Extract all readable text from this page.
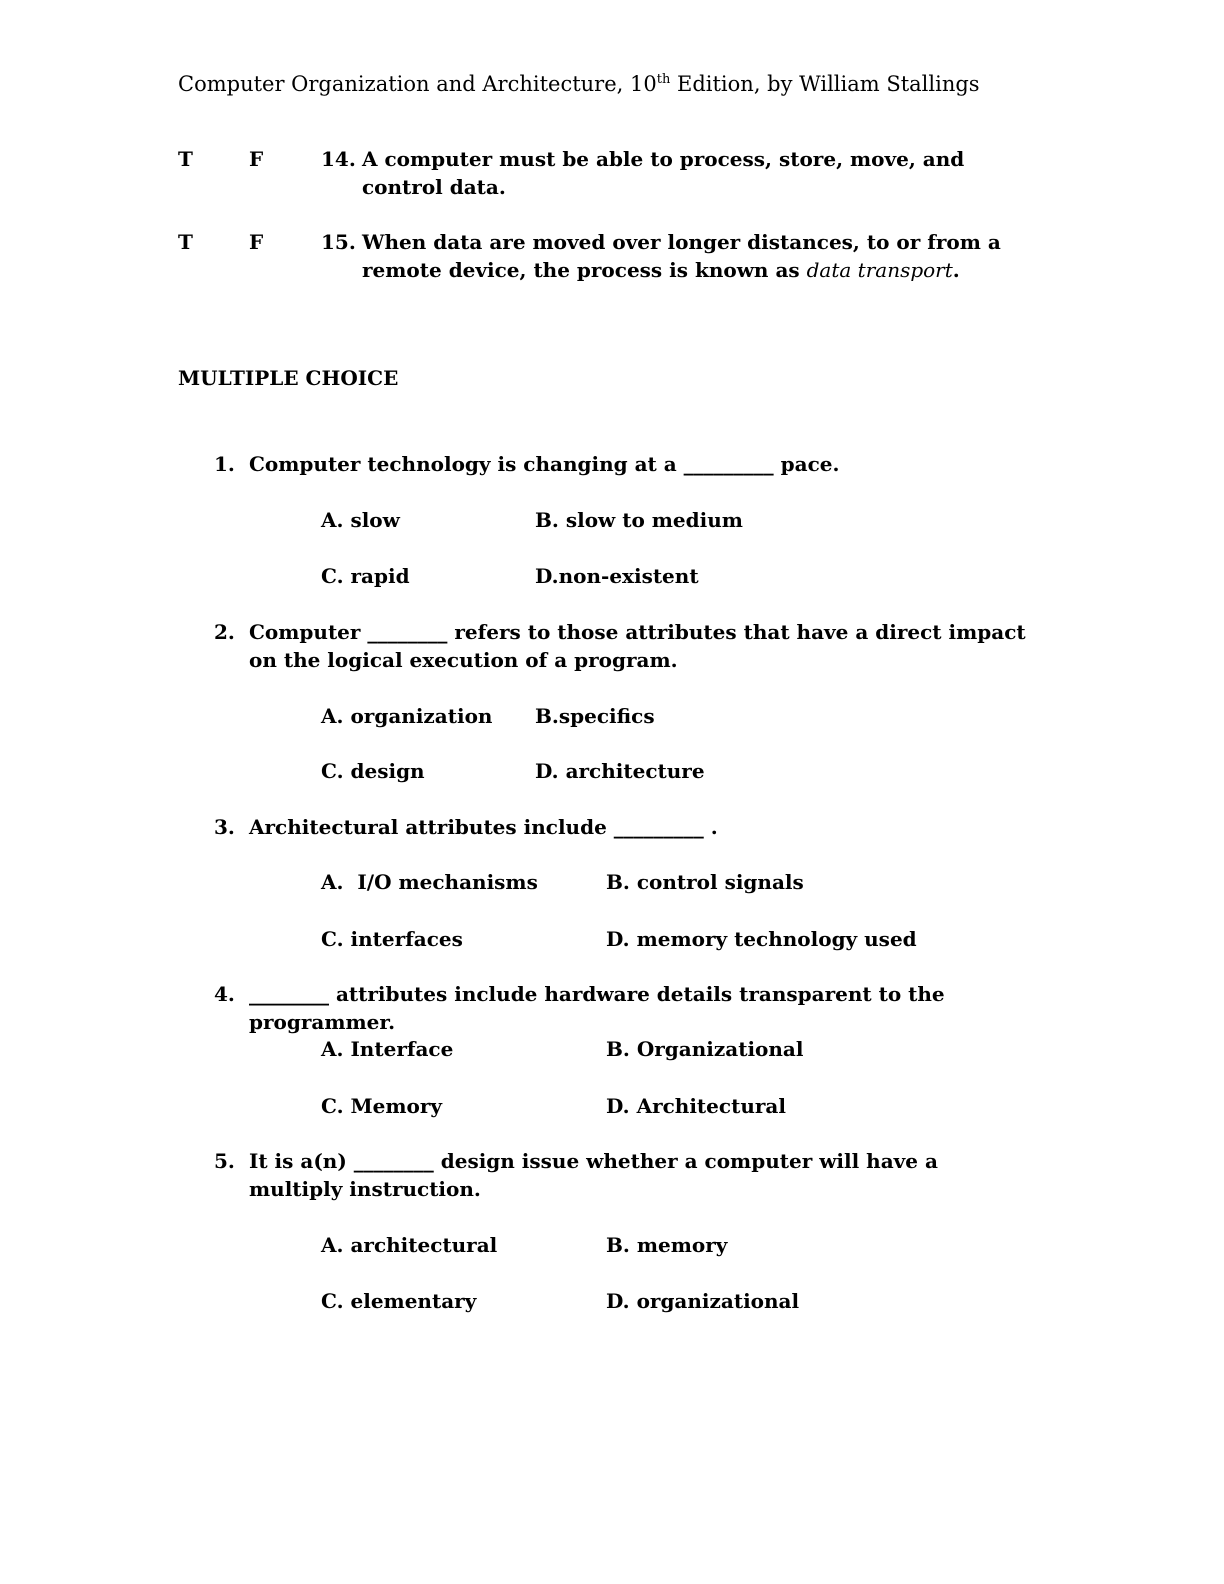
Computer Organization and Architecture, 10th Edition, by William Stallings
T	F	14. A computer must be able to process, store, move, and control data.
T	F	15. When data are moved over longer distances, to or from a remote device, the process is known as data transport.
MULTIPLE CHOICE
1. Computer technology is changing at a _________ pace.
A. slow	B. slow to medium
C. rapid	D.non-existent
2. Computer ________ refers to those attributes that have a direct impact on the logical execution of a program.
A. organization B.specifics
C. design	D. architecture
3. Architectural attributes include _________ .
A. I/O mechanisms	B. control signals
C. interfaces	D. memory technology used
4. ________ attributes include hardware details transparent to the programmer.
A. Interface	B. Organizational
C. Memory	D. Architectural
5. It is a(n) ________ design issue whether a computer will have a multiply instruction.
A. architectural	B. memory
C. elementary	D. organizational
